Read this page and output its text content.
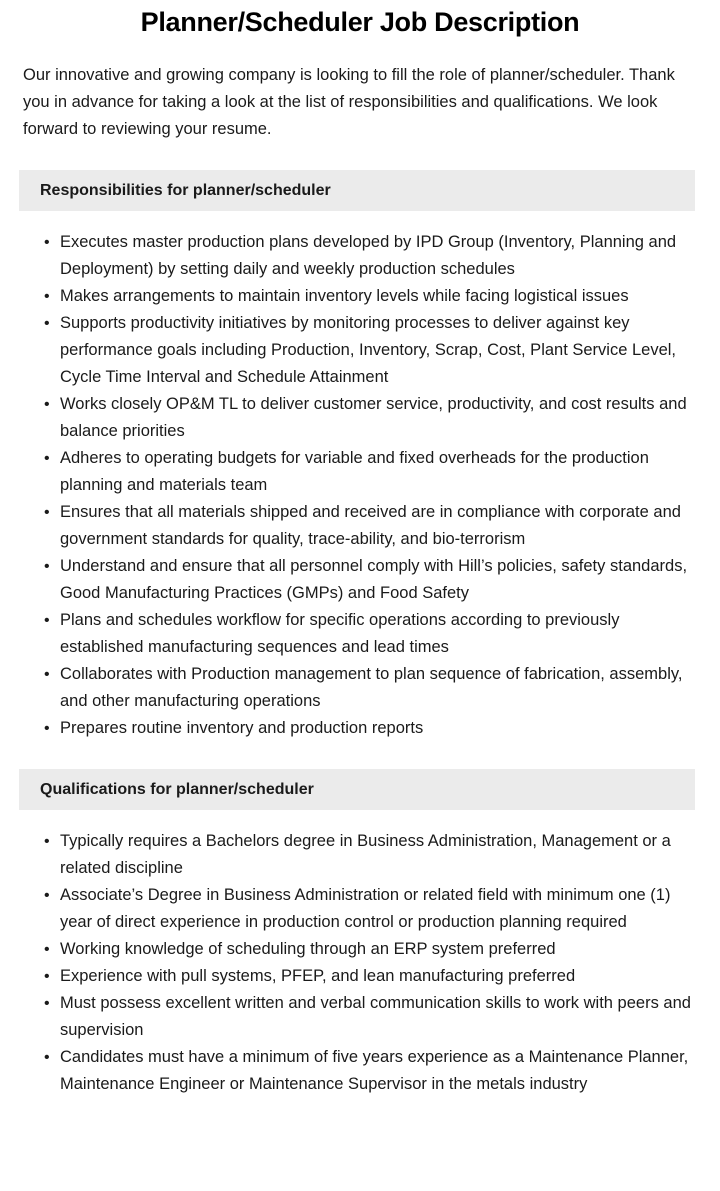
Planner/Scheduler Job Description

Our innovative and growing company is looking to fill the role of planner/scheduler. Thank you in advance for taking a look at the list of responsibilities and qualifications. We look forward to reviewing your resume.

Responsibilities for planner/scheduler
• Executes master production plans developed by IPD Group (Inventory, Planning and Deployment) by setting daily and weekly production schedules
• Makes arrangements to maintain inventory levels while facing logistical issues
• Supports productivity initiatives by monitoring processes to deliver against key performance goals including Production, Inventory, Scrap, Cost, Plant Service Level, Cycle Time Interval and Schedule Attainment
• Works closely OP&M TL to deliver customer service, productivity, and cost results and balance priorities
• Adheres to operating budgets for variable and fixed overheads for the production planning and materials team
• Ensures that all materials shipped and received are in compliance with corporate and government standards for quality, trace-ability, and bio-terrorism
• Understand and ensure that all personnel comply with Hill’s policies, safety standards, Good Manufacturing Practices (GMPs) and Food Safety
• Plans and schedules workflow for specific operations according to previously established manufacturing sequences and lead times
• Collaborates with Production management to plan sequence of fabrication, assembly, and other manufacturing operations
• Prepares routine inventory and production reports
Qualifications for planner/scheduler
• Typically requires a Bachelors degree in Business Administration, Management or a related discipline
• Associate’s Degree in Business Administration or related field with minimum one (1) year of direct experience in production control or production planning required
• Working knowledge of scheduling through an ERP system preferred
• Experience with pull systems, PFEP, and lean manufacturing preferred
• Must possess excellent written and verbal communication skills to work with peers and supervision
• Candidates must have a minimum of five years experience as a Maintenance Planner, Maintenance Engineer or Maintenance Supervisor in the metals industry
